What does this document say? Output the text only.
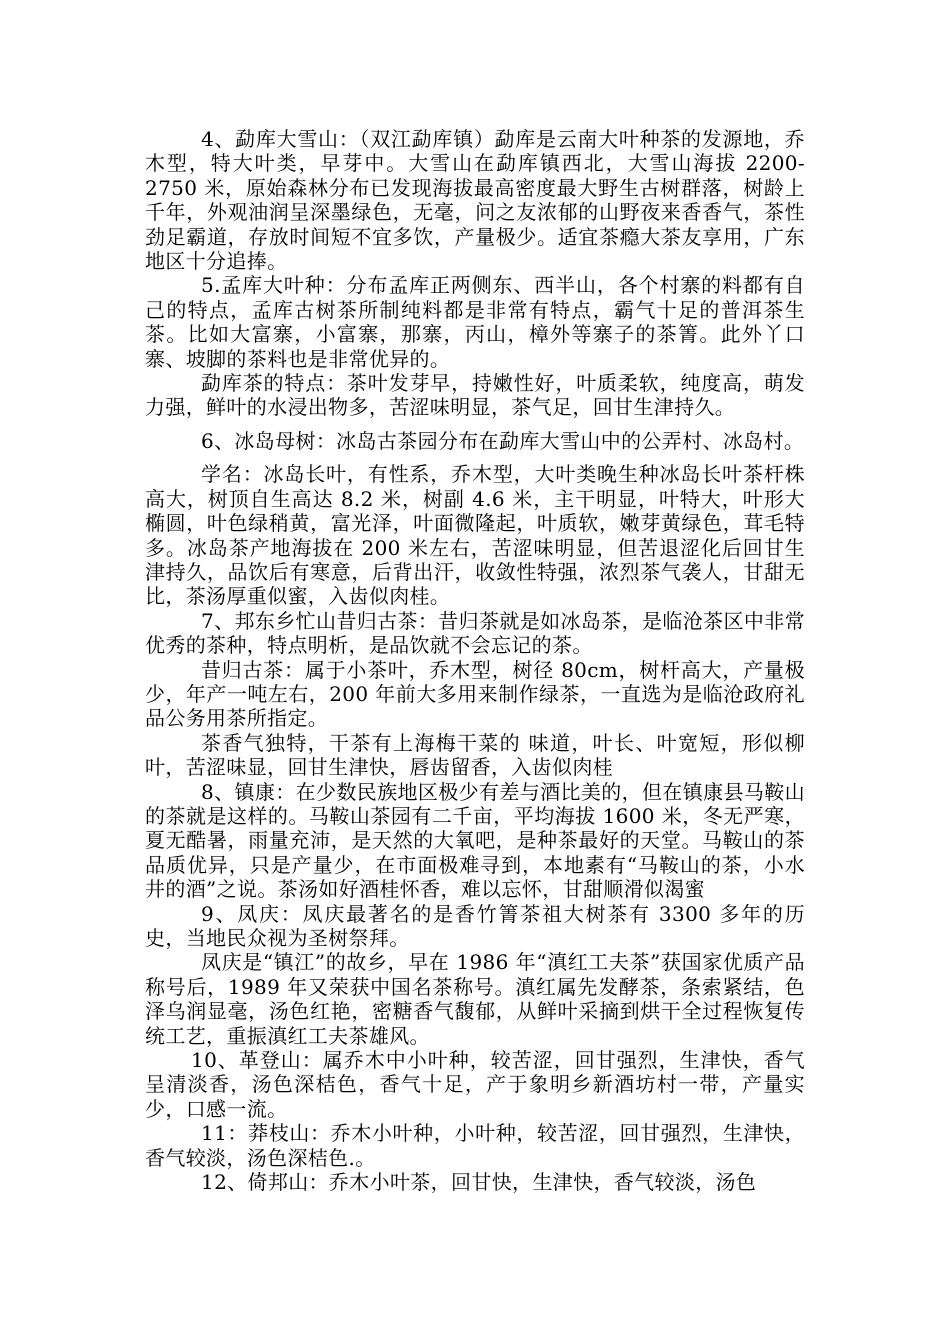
4、勐库大雪山：（双江勐库镇）勐库是云南大叶种茶的发源地，乔木型，特大叶类，早芽中。大雪山在勐库镇西北，大雪山海拔 2200-2750 米，原始森林分布已发现海拔最高密度最大野生古树群落，树龄上千年，外观油润呈深墨绿色，无毫，问之友浓郁的山野夜来香香气，茶性劲足霸道，存放时间短不宜多饮，产量极少。适宜茶瘾大茶友享用，广东地区十分追捧。

5.孟库大叶种：分布孟库正两侧东、西半山，各个村寨的料都有自己的特点，孟库古树茶所制纯料都是非常有特点，霸气十足的普洱茶生茶。比如大富寨，小富寨，那寨，丙山，樟外等寨子的茶箐。此外丫口寨、坡脚的茶料也是非常优异的。

勐库茶的特点：茶叶发芽早，持嫩性好，叶质柔软，纯度高，萌发力强，鲜叶的水浸出物多，苦涩味明显，茶气足，回甘生津持久。

6、冰岛母树：冰岛古茶园分布在勐库大雪山中的公弄村、冰岛村。

学名：冰岛长叶，有性系，乔木型，大叶类晚生种冰岛长叶茶杆株高大，树顶自生高达 8.2 米，树副 4.6 米，主干明显，叶特大，叶形大椭圆，叶色绿稍黄，富光泽，叶面微隆起，叶质软，嫩芽黄绿色，茸毛特多。冰岛茶产地海拔在 200 米左右，苦涩味明显，但苦退涩化后回甘生津持久，品饮后有寒意，后背出汗，收敛性特强，浓烈茶气袭人，甘甜无比，茶汤厚重似蜜，入齿似肉桂。

7、邦东乡忙山昔归古茶：昔归茶就是如冰岛茶，是临沧茶区中非常优秀的茶种，特点明析，是品饮就不会忘记的茶。

昔归古茶：属于小茶叶，乔木型，树径 80cm，树杆高大，产量极少，年产一吨左右，200 年前大多用来制作绿茶，一直选为是临沧政府礼品公务用茶所指定。

茶香气独特，干茶有上海梅干菜的 味道，叶长、叶宽短，形似柳叶，苦涩味显，回甘生津快，唇齿留香，入齿似肉桂

8、镇康：在少数民族地区极少有差与酒比美的，但在镇康县马鞍山的茶就是这样的。马鞍山茶园有二千亩，平均海拔 1600 米，冬无严寒，夏无酷暑，雨量充沛，是天然的大氧吧，是种茶最好的天堂。马鞍山的茶品质优异，只是产量少，在市面极难寻到，本地素有“马鞍山的茶，小水井的酒”之说。茶汤如好酒桂怀香，难以忘怀，甘甜顺滑似渴蜜

9、凤庆：凤庆最著名的是香竹箐茶祖大树茶有 3300 多年的历史，当地民众视为圣树祭拜。

凤庆是“镇江”的故乡，早在 1986 年“滇红工夫茶”获国家优质产品称号后，1989 年又荣获中国名茶称号。滇红属先发酵茶，条索紧结，色泽乌润显毫，汤色红艳，密糖香气馥郁，从鲜叶采摘到烘干全过程恢复传统工艺，重振滇红工夫茶雄风。

10、革登山：属乔木中小叶种，较苦涩，回甘强烈，生津快，香气呈清淡香，汤色深桔色，香气十足，产于象明乡新酒坊村一带，产量实少，口感一流。

11：莽枝山：乔木小叶种，小叶种，较苦涩，回甘强烈，生津快，香气较淡，汤色深桔色.。

12、倚邦山：乔木小叶茶，回甘快，生津快，香气较淡，汤色
